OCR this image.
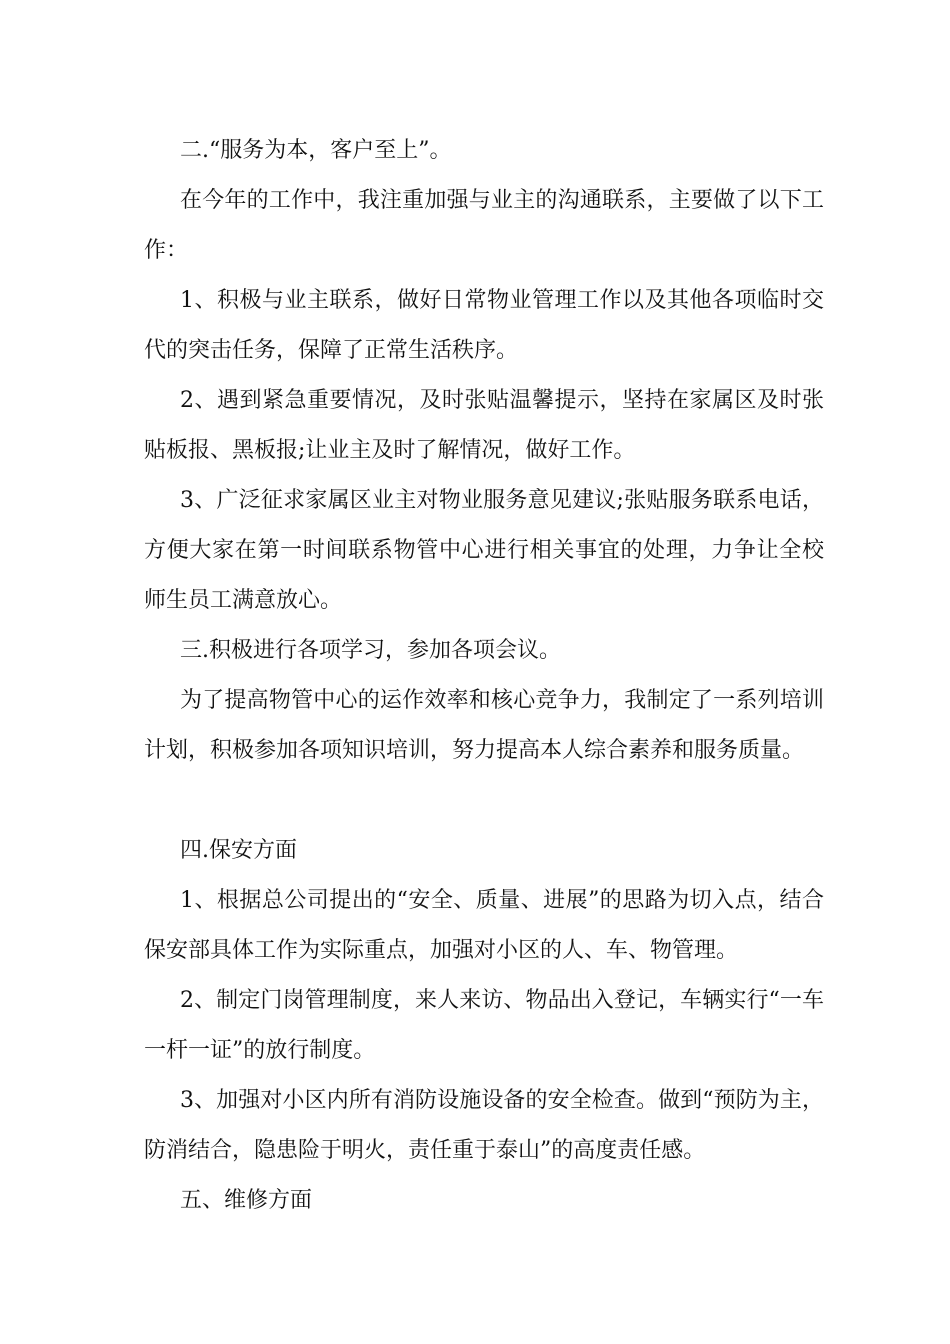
二.“服务为本，客户至上”。

在今年的工作中，我注重加强与业主的沟通联系，主要做了以下工作：

1、积极与业主联系，做好日常物业管理工作以及其他各项临时交代的突击任务，保障了正常生活秩序。

2、遇到紧急重要情况，及时张贴温馨提示，坚持在家属区及时张贴板报、黑板报;让业主及时了解情况，做好工作。

3、广泛征求家属区业主对物业服务意见建议;张贴服务联系电话，方便大家在第一时间联系物管中心进行相关事宜的处理，力争让全校师生员工满意放心。

三.积极进行各项学习，参加各项会议。

为了提高物管中心的运作效率和核心竞争力，我制定了一系列培训计划，积极参加各项知识培训，努力提高本人综合素养和服务质量。

四.保安方面

1、根据总公司提出的“安全、质量、进展”的思路为切入点，结合保安部具体工作为实际重点，加强对小区的人、车、物管理。

2、制定门岗管理制度，来人来访、物品出入登记，车辆实行“一车一杆一证”的放行制度。

3、加强对小区内所有消防设施设备的安全检查。做到“预防为主，防消结合，隐患险于明火，责任重于泰山”的高度责任感。

五、维修方面
